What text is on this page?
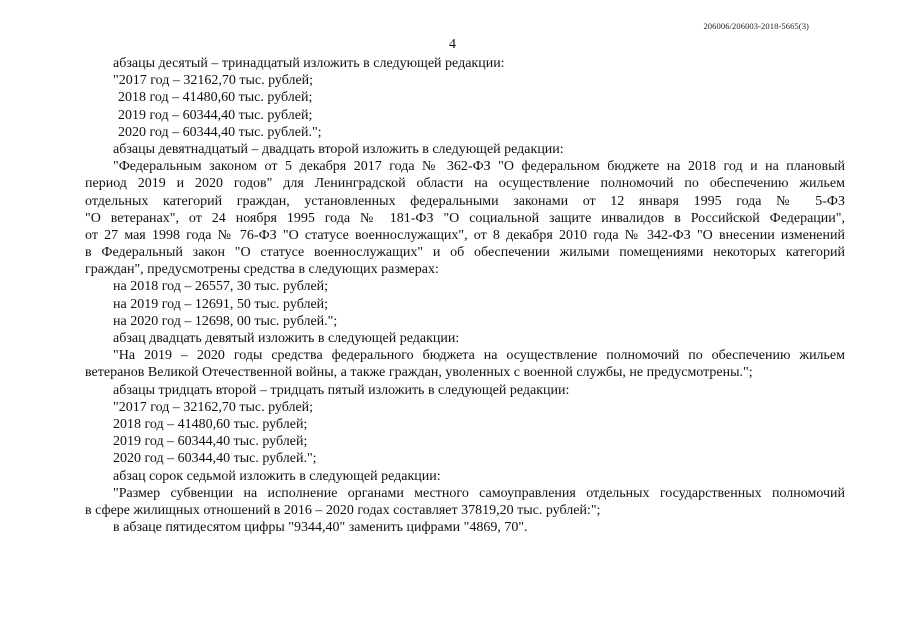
206006/206003-2018-5665(3)
4
абзацы десятый – тринадцатый изложить в следующей редакции:
"2017 год – 32162,70 тыс. рублей;
2018 год – 41480,60 тыс. рублей;
2019 год – 60344,40 тыс. рублей;
2020 год – 60344,40 тыс. рублей.";
абзацы девятнадцатый – двадцать второй изложить в следующей редакции:
"Федеральным законом от 5 декабря 2017 года № 362-ФЗ "О федеральном бюджете на 2018 год и на плановый
период 2019 и 2020 годов" для Ленинградской области на осуществление полномочий по обеспечению жильем
отдельных категорий граждан, установленных федеральными законами от 12 января 1995 года № 5-ФЗ
"О ветеранах", от 24 ноября 1995 года № 181-ФЗ "О социальной защите инвалидов в Российской Федерации",
от 27 мая 1998 года № 76-ФЗ "О статусе военнослужащих", от 8 декабря 2010 года № 342-ФЗ "О внесении изменений
в Федеральный закон "О статусе военнослужащих" и об обеспечении жилыми помещениями некоторых категорий
граждан", предусмотрены средства в следующих размерах:
на 2018 год – 26557, 30 тыс. рублей;
на 2019 год – 12691, 50 тыс. рублей;
на 2020 год – 12698, 00 тыс. рублей.";
абзац двадцать девятый изложить в следующей редакции:
"На 2019 – 2020 годы средства федерального бюджета на осуществление полномочий по обеспечению жильем
ветеранов Великой Отечественной войны, а также граждан, уволенных с военной службы, не предусмотрены.";
абзацы тридцать второй – тридцать пятый изложить в следующей редакции:
"2017 год – 32162,70 тыс. рублей;
2018 год – 41480,60 тыс. рублей;
2019 год – 60344,40 тыс. рублей;
2020 год – 60344,40 тыс. рублей.";
абзац сорок седьмой изложить в следующей редакции:
"Размер субвенции на исполнение органами местного самоуправления отдельных государственных полномочий
в сфере жилищных отношений в 2016 – 2020 годах составляет 37819,20 тыс. рублей:";
в абзаце пятидесятом цифры "9344,40" заменить цифрами "4869, 70".
